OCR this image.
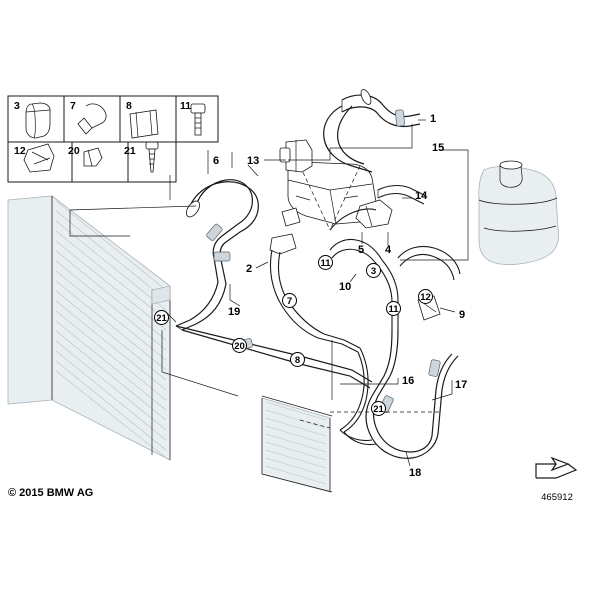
3	7	8	11
12	20	21
1
6	13
15
14
5 4
2	11
3
10
12
9
11
19
7
21
20
8
16	17
21
18
© 2015 BMW AG	465912
